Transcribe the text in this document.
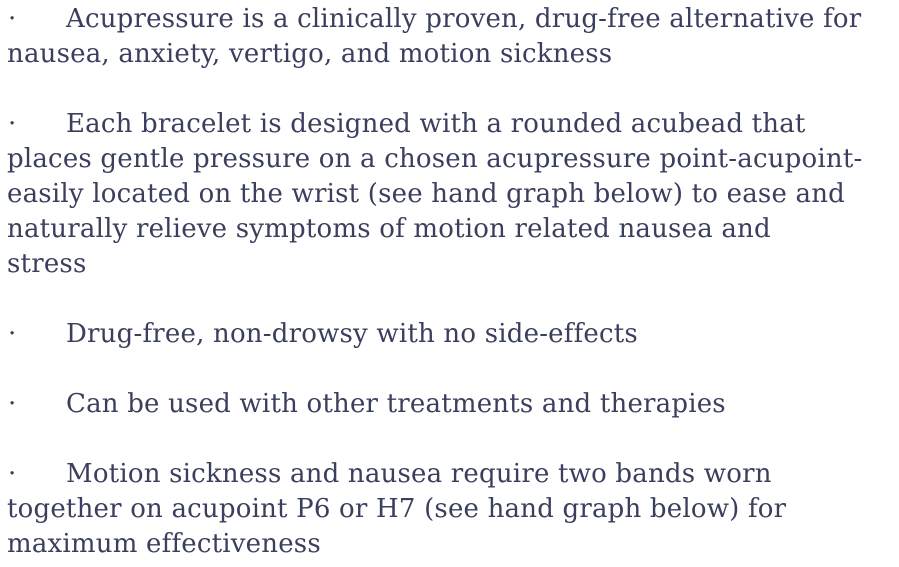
·	Acupressure is a clinically proven, drug-free alternative for
nausea, anxiety, vertigo, and motion sickness

·	Each bracelet is designed with a rounded acubead that
places gentle pressure on a chosen acupressure point-acupoint-
easily located on the wrist (see hand graph below) to ease and
naturally relieve symptoms of motion related nausea and
stress

·	Drug-free, non-drowsy with no side-effects

·	Can be used with other treatments and therapies

·	Motion sickness and nausea require two bands worn
together on acupoint P6 or H7 (see hand graph below) for
maximum effectiveness
